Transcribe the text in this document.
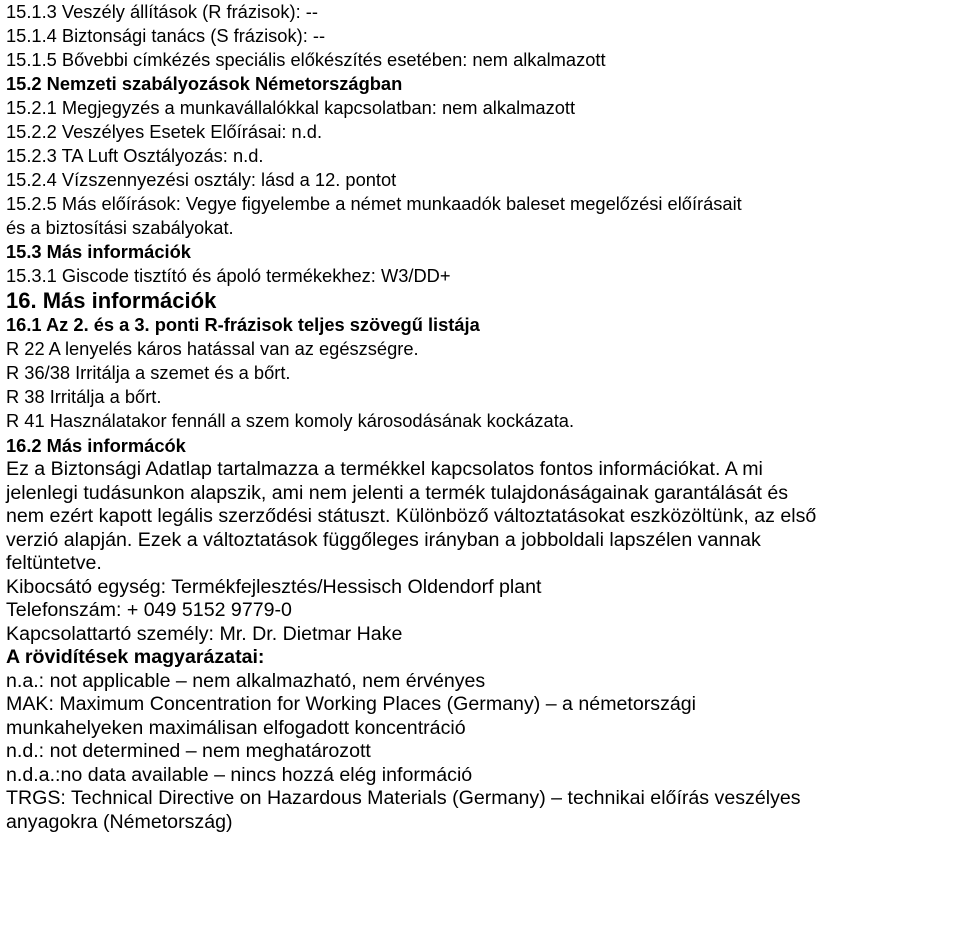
15.1.3 Veszély állítások (R frázisok): --
15.1.4 Biztonsági tanács (S frázisok): --
15.1.5 Bővebbi címkézés speciális előkészítés esetében: nem alkalmazott
15.2 Nemzeti szabályozások Németországban
15.2.1 Megjegyzés a munkavállalókkal kapcsolatban: nem alkalmazott
15.2.2 Veszélyes Esetek Előírásai: n.d.
15.2.3 TA Luft Osztályozás: n.d.
15.2.4 Vízszennyezési osztály: lásd a 12. pontot
15.2.5 Más előírások: Vegye figyelembe a német munkaadók baleset megelőzési előírásait
és a biztosítási szabályokat.
15.3 Más információk
15.3.1 Giscode tisztító és ápoló termékekhez: W3/DD+
16. Más információk
16.1 Az 2. és a 3. ponti R-frázisok teljes szövegű listája
R 22 A lenyelés káros hatással van az egészségre.
R 36/38 Irritálja a szemet és a bőrt.
R 38 Irritálja a bőrt.
R 41 Használatakor fennáll a szem komoly károsodásának kockázata.
16.2 Más informácók
Ez a Biztonsági Adatlap tartalmazza a termékkel kapcsolatos fontos információkat. A mi
jelenlegi tudásunkon alapszik, ami nem jelenti a termék tulajdonáságainak garantálását és
nem ezért kapott legális szerződési státuszt. Különböző változtatásokat eszközöltünk, az első
verzió alapján. Ezek a változtatások függőleges irányban a jobboldali lapszélen vannak
feltüntetve.
Kibocsátó egység: Termékfejlesztés/Hessisch Oldendorf plant
Telefonszám: + 049 5152 9779-0
Kapcsolattartó személy: Mr. Dr. Dietmar Hake
A rövidítések magyarázatai:
n.a.: not applicable – nem alkalmazható, nem érvényes
MAK: Maximum Concentration for Working Places (Germany) – a németországi
munkahelyeken maximálisan elfogadott koncentráció
n.d.: not determined – nem meghatározott
n.d.a.:no data available – nincs hozzá elég információ
TRGS: Technical Directive on Hazardous Materials (Germany) – technikai előírás veszélyes
anyagokra (Németország)
